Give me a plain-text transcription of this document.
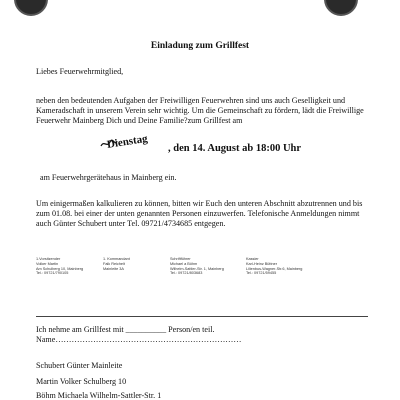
Einladung zum Grillfest
Liebes Feuerwehrmitglied,
neben den bedeutenden Aufgaben der Freiwilligen Feuerwehren sind uns auch Geselligkeit und Kameradschaft in unserem Verein sehr wichtig. Um die Gemeinschaft zu fördern, lädt die Freiwillige Feuerwehr Mainberg Dich und Deine Familie?zum Grillfest am
Dienstag	, den 14. August ab 18:00 Uhr
am Feuerwehrgerätehaus in Mainberg ein.
Um einigermaßen kalkulieren zu können, bitten wir Euch den unteren Abschnitt abzutrennen und bis zum 01.08. bei einer der unten genannten Personen einzuwerfen. Telefonische Anmeldungen nimmt auch Günter Schubert unter Tel. 09721/4734685 entgegen.
1.Vorsitzender
Volker Martin
Am Schulberg 10, Mainberg
Tel.: 09721/790105
1. Kommandant
Falk Reichelt
Mainleite 3A
Schriftführer
Michael a Böhm
Wilhelm-Sattler-Str. 1, Mainberg
Tel.: 09721/803683
Kassier
Karl-Heinz Büttner
Lilienbus-Wagner-Str.6, Mainberg
Tel.: 09721/59455
Ich nehme am Grillfest mit __________ Person/en teil.
Name……………………………………………………………
Schubert Günter Mainleite
Martin Volker Schulberg 10
Böhm Michaela Wilhelm-Sattler-Str. 1
